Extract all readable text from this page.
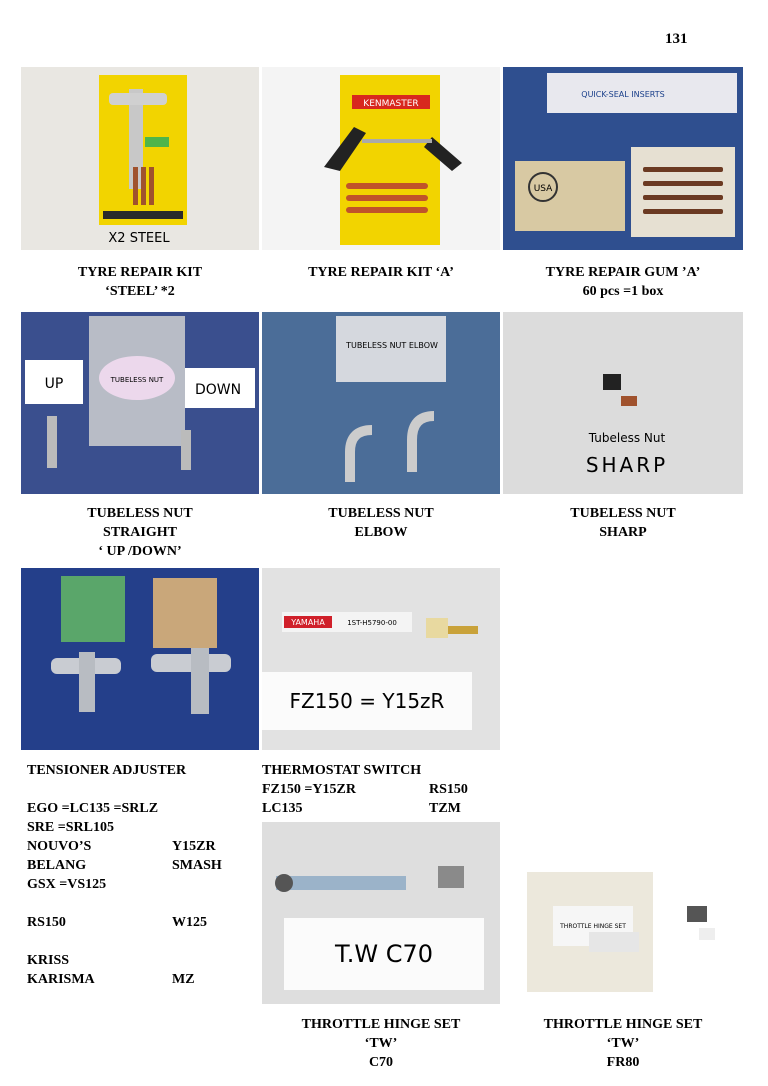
131
X2 STEEL
KENMASTER
QUICK-SEAL INSERTS
USA
TYRE REPAIR KIT
‘STEEL’ *2
TYRE REPAIR KIT ‘A’	TYRE REPAIR GUM ’A’
60 pcs =1 box
UP	DOWN
TUBELESS NUT
TUBELESS NUT ELBOW
Tubeless Nut
SHARP
TUBELESS NUT
STRAIGHT
‘ UP /DOWN’
TUBELESS NUT
ELBOW
TUBELESS NUT
SHARP
YAMAHA	1ST-H5790-00
FZ150 = Y15zR
TENSIONER ADJUSTER
EGO =LC135 =SRLZ
SRE =SRL105
NOUVO’S	Y15ZR
BELANG	SMASH
GSX =VS125
RS150	W125
KRISS
KARISMA	MZ
THERMOSTAT SWITCH
FZ150 =Y15ZR	RS150
LC135	TZM
T.W C70
THROTTLE HINGE SET
THROTTLE HINGE SET
‘TW’
C70
THROTTLE HINGE SET
‘TW’
FR80
